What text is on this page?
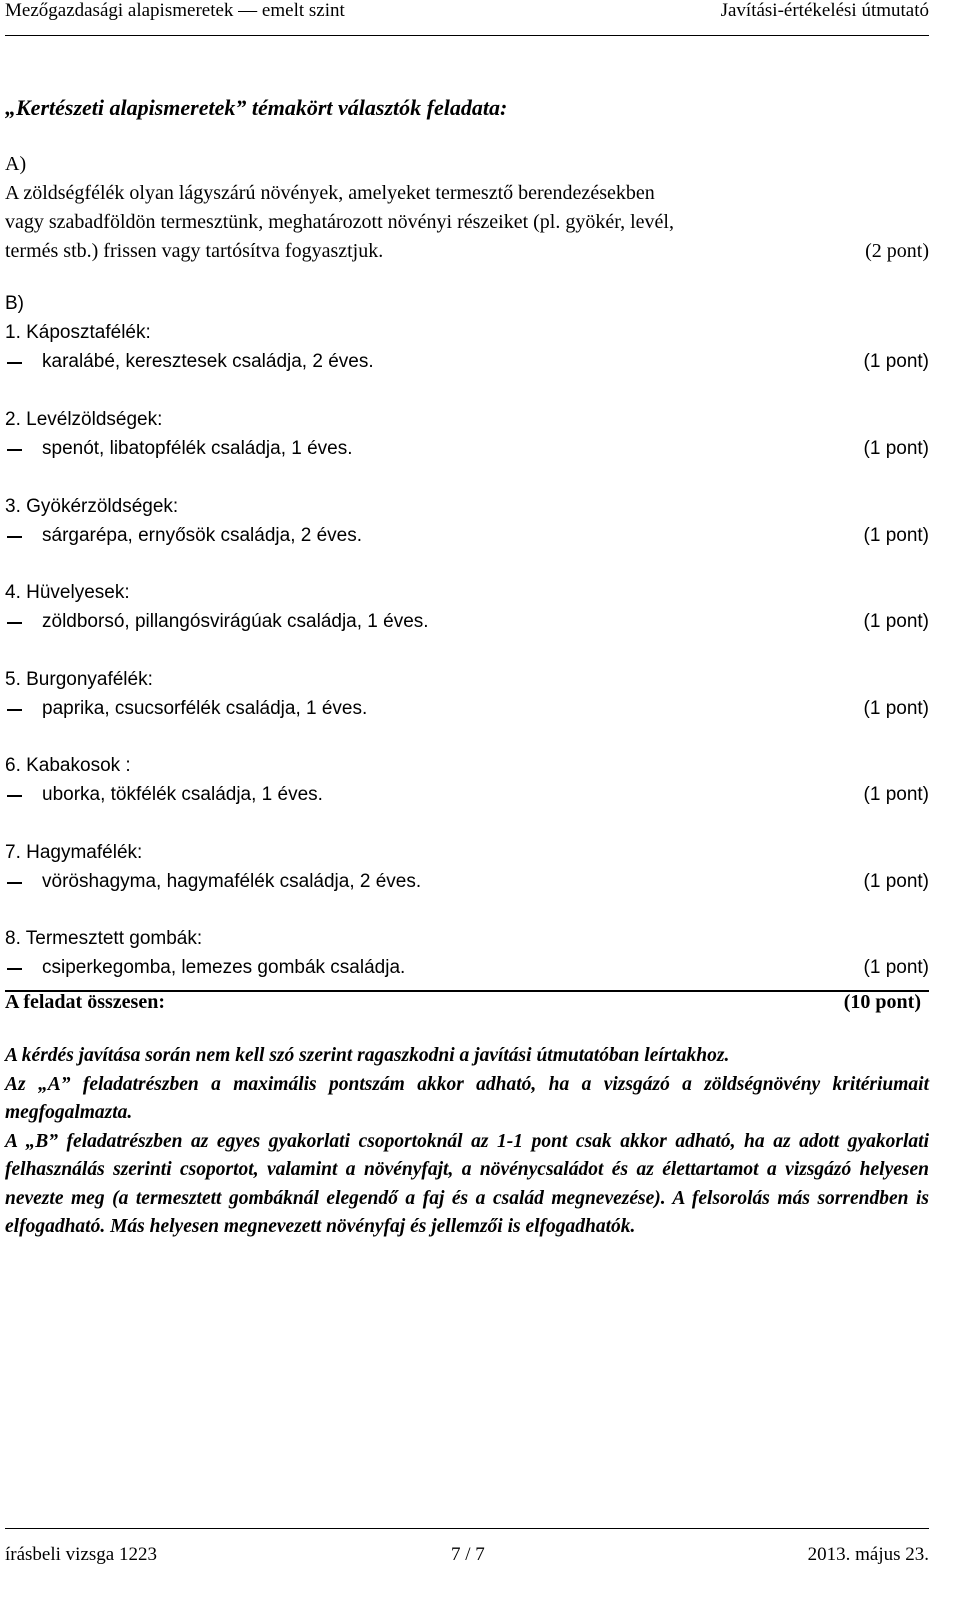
Mezőgazdasági alapismeretek — emelt szint	Javítási-értékelési útmutató
„Kertészeti alapismeretek” témakört választók feladata:
A)
A zöldségfélék olyan lágyszárú növények, amelyeket termesztő berendezésekben
vagy szabadföldön termesztünk, meghatározott növényi részeiket (pl. gyökér, levél,
termés stb.) frissen vagy tartósítva fogyasztjuk.	(2 pont)
B)
1. Káposztafélék:
karalábé, keresztesek családja, 2 éves.	(1 pont)
2. Levélzöldségek:
spenót, libatopfélék családja, 1 éves.	(1 pont)
3. Gyökérzöldségek:
sárgarépa, ernyősök családja, 2 éves.	(1 pont)
4. Hüvelyesek:
zöldborsó, pillangósvirágúak családja, 1 éves.	(1 pont)
5. Burgonyafélék:
paprika, csucsorfélék családja, 1 éves.	(1 pont)
6. Kabakosok :
uborka, tökfélék családja, 1 éves.	(1 pont)
7. Hagymafélék:
vöröshagyma, hagymafélék családja, 2 éves.	(1 pont)
8. Termesztett gombák:
csiperkegomba, lemezes gombák családja.	(1 pont)
A feladat összesen:	(10 pont)

A kérdés javítása során nem kell szó szerint ragaszkodni a javítási útmutatóban leírtakhoz.

Az „A” feladatrészben a maximális pontszám akkor adható, ha a vizsgázó a zöldségnövény kritériumait megfogalmazta.

A „B” feladatrészben az egyes gyakorlati csoportoknál az 1-1 pont csak akkor adható, ha az adott gyakorlati felhasználás szerinti csoportot, valamint a növényfajt, a növénycsaládot és az élettartamot a vizsgázó helyesen nevezte meg (a termesztett gombáknál elegendő a faj és a család megnevezése). A felsorolás más sorrendben is elfogadható. Más helyesen megnevezett növényfaj és jellemzői is elfogadhatók.

írásbeli vizsga 1223	7 / 7	2013. május 23.
